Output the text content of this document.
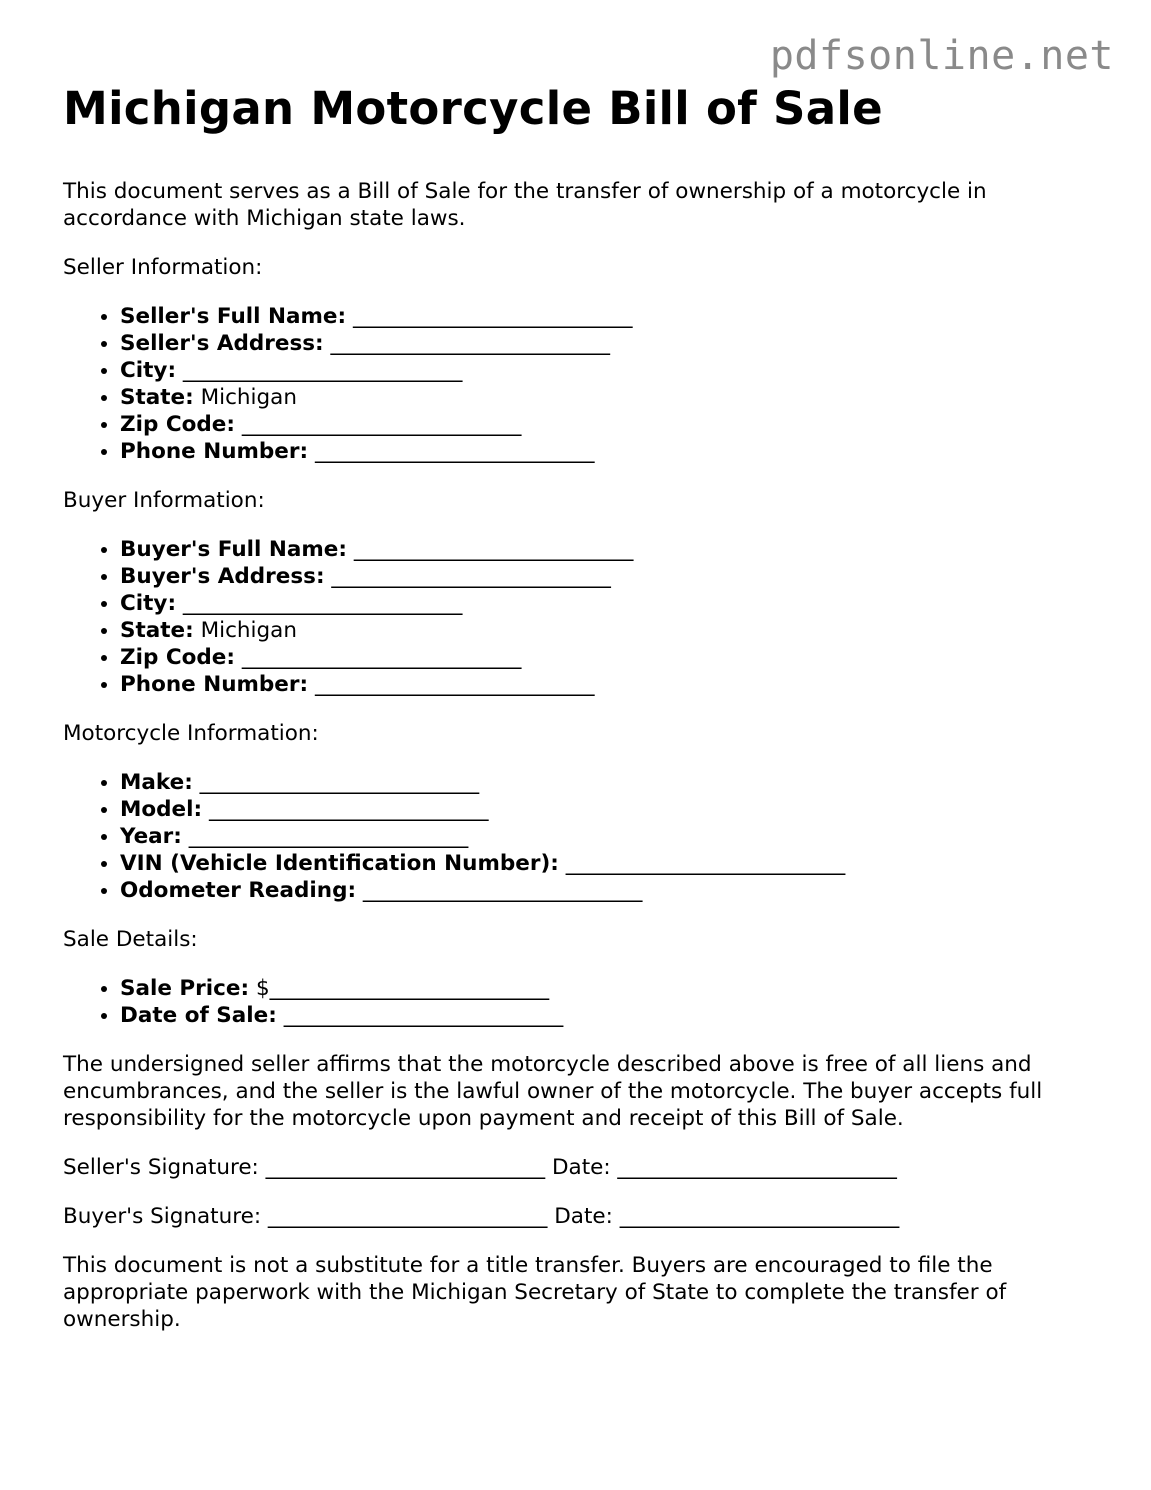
pdfsonline.net
Michigan Motorcycle Bill of Sale

This document serves as a Bill of Sale for the transfer of ownership of a motorcycle in accordance with Michigan state laws.

Seller Information:

• Seller's Full Name: __________________________
• Seller's Address: __________________________
• City: __________________________
• State: Michigan
• Zip Code: __________________________
• Phone Number: __________________________

Buyer Information:

• Buyer's Full Name: __________________________
• Buyer's Address: __________________________
• City: __________________________
• State: Michigan
• Zip Code: __________________________
• Phone Number: __________________________

Motorcycle Information:

• Make: __________________________
• Model: __________________________
• Year: __________________________
• VIN (Vehicle Identification Number): __________________________
• Odometer Reading: __________________________

Sale Details:

• Sale Price: $__________________________
• Date of Sale: __________________________

The undersigned seller affirms that the motorcycle described above is free of all liens and encumbrances, and the seller is the lawful owner of the motorcycle. The buyer accepts full responsibility for the motorcycle upon payment and receipt of this Bill of Sale.

Seller's Signature: __________________________ Date: __________________________

Buyer's Signature: __________________________ Date: __________________________

This document is not a substitute for a title transfer. Buyers are encouraged to file the appropriate paperwork with the Michigan Secretary of State to complete the transfer of ownership.
